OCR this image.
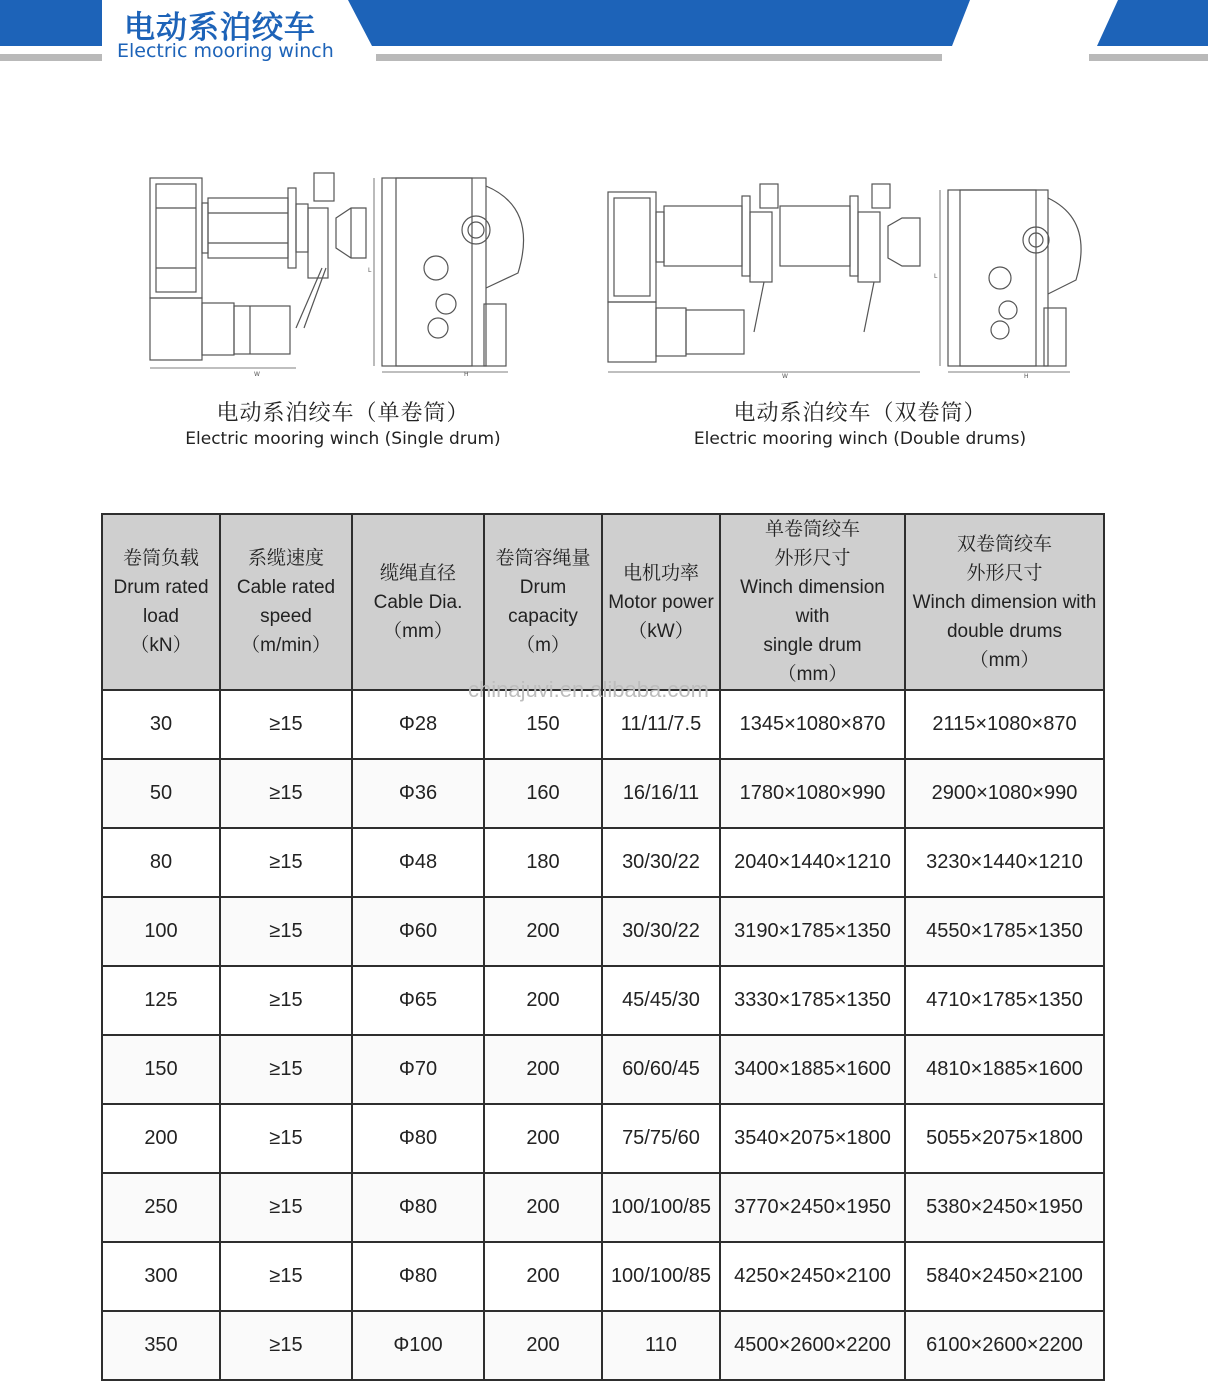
电动系泊绞车
Electric mooring winch
W	H
L
电动系泊绞车（单卷筒）
Electric mooring winch (Single drum)
W	H
L
电动系泊绞车（双卷筒）
Electric mooring winch (Double drums)
卷筒负载
Drum rated
load
（kN）	系缆速度
Cable rated
speed
（m/min）	缆绳直径
Cable Dia.
（mm）	卷筒容绳量
Drum
capacity
（m）	电机功率
Motor power
（kW）	单卷筒绞车
外形尺寸
Winch dimension with
single drum
（mm）	双卷筒绞车
外形尺寸
Winch dimension with
double drums
（mm）

30	≥15	Φ28	150	11/11/7.5	1345×1080×870	2115×1080×870
50	≥15	Φ36	160	16/16/11	1780×1080×990	2900×1080×990
80	≥15	Φ48	180	30/30/22	2040×1440×1210	3230×1440×1210
100	≥15	Φ60	200	30/30/22	3190×1785×1350	4550×1785×1350
125	≥15	Φ65	200	45/45/30	3330×1785×1350	4710×1785×1350
150	≥15	Φ70	200	60/60/45	3400×1885×1600	4810×1885×1600
200	≥15	Φ80	200	75/75/60	3540×2075×1800	5055×2075×1800
250	≥15	Φ80	200	100/100/85	3770×2450×1950	5380×2450×1950
300	≥15	Φ80	200	100/100/85	4250×2450×2100	5840×2450×2100
350	≥15	Φ100	200	110	4500×2600×2200	6100×2600×2200
chinajuvi.en.alibaba.com
